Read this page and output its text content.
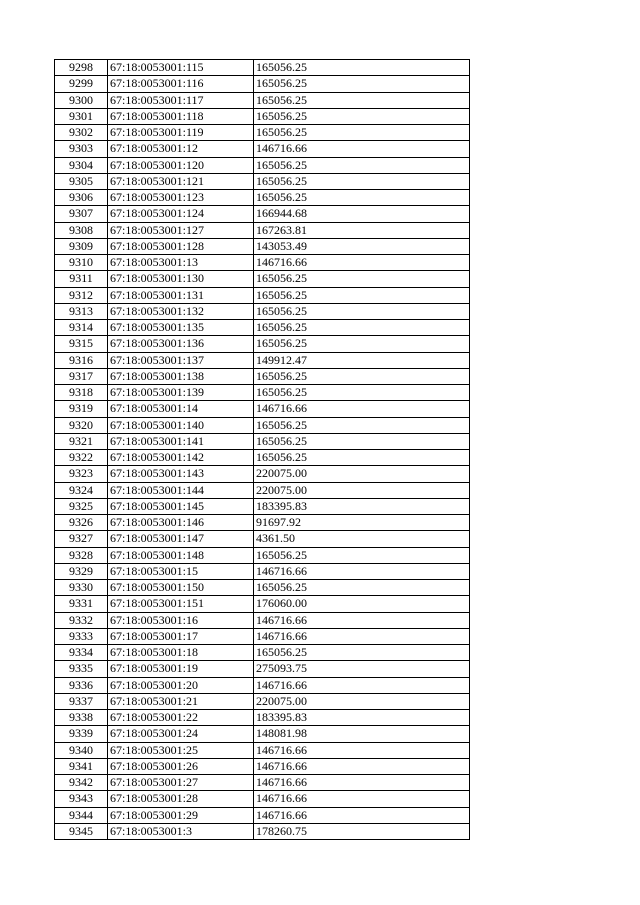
9298	67:18:0053001:115	165056.25
9299	67:18:0053001:116	165056.25
9300	67:18:0053001:117	165056.25
9301	67:18:0053001:118	165056.25
9302	67:18:0053001:119	165056.25
9303	67:18:0053001:12	146716.66
9304	67:18:0053001:120	165056.25
9305	67:18:0053001:121	165056.25
9306	67:18:0053001:123	165056.25
9307	67:18:0053001:124	166944.68
9308	67:18:0053001:127	167263.81
9309	67:18:0053001:128	143053.49
9310	67:18:0053001:13	146716.66
9311	67:18:0053001:130	165056.25
9312	67:18:0053001:131	165056.25
9313	67:18:0053001:132	165056.25
9314	67:18:0053001:135	165056.25
9315	67:18:0053001:136	165056.25
9316	67:18:0053001:137	149912.47
9317	67:18:0053001:138	165056.25
9318	67:18:0053001:139	165056.25
9319	67:18:0053001:14	146716.66
9320	67:18:0053001:140	165056.25
9321	67:18:0053001:141	165056.25
9322	67:18:0053001:142	165056.25
9323	67:18:0053001:143	220075.00
9324	67:18:0053001:144	220075.00
9325	67:18:0053001:145	183395.83
9326	67:18:0053001:146	91697.92
9327	67:18:0053001:147	4361.50
9328	67:18:0053001:148	165056.25
9329	67:18:0053001:15	146716.66
9330	67:18:0053001:150	165056.25
9331	67:18:0053001:151	176060.00
9332	67:18:0053001:16	146716.66
9333	67:18:0053001:17	146716.66
9334	67:18:0053001:18	165056.25
9335	67:18:0053001:19	275093.75
9336	67:18:0053001:20	146716.66
9337	67:18:0053001:21	220075.00
9338	67:18:0053001:22	183395.83
9339	67:18:0053001:24	148081.98
9340	67:18:0053001:25	146716.66
9341	67:18:0053001:26	146716.66
9342	67:18:0053001:27	146716.66
9343	67:18:0053001:28	146716.66
9344	67:18:0053001:29	146716.66
9345	67:18:0053001:3	178260.75
